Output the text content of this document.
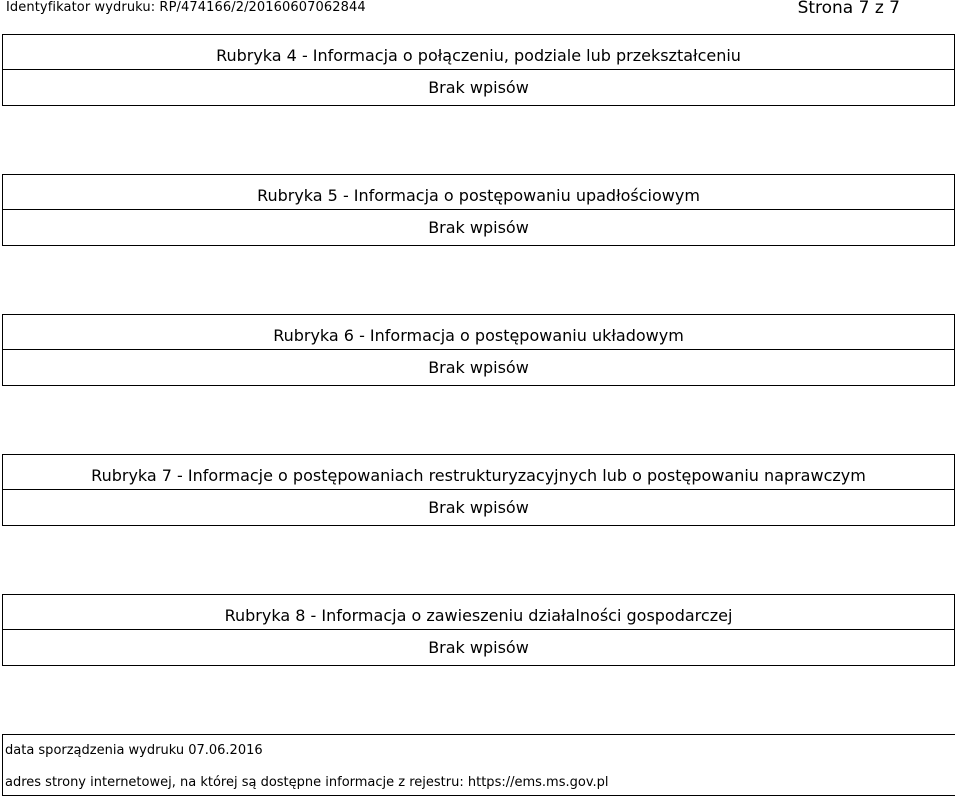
Identyfikator wydruku: RP/474166/2/20160607062844	Strona 7 z 7
Rubryka 4 - Informacja o połączeniu, podziale lub przekształceniu
Brak wpisów
Rubryka 5 - Informacja o postępowaniu upadłościowym
Brak wpisów
Rubryka 6 - Informacja o postępowaniu układowym
Brak wpisów
Rubryka 7 - Informacje o postępowaniach restrukturyzacyjnych lub o postępowaniu naprawczym
Brak wpisów
Rubryka 8 - Informacja o zawieszeniu działalności gospodarczej
Brak wpisów
data sporządzenia wydruku 07.06.2016
adres strony internetowej, na której są dostępne informacje z rejestru: https://ems.ms.gov.pl
